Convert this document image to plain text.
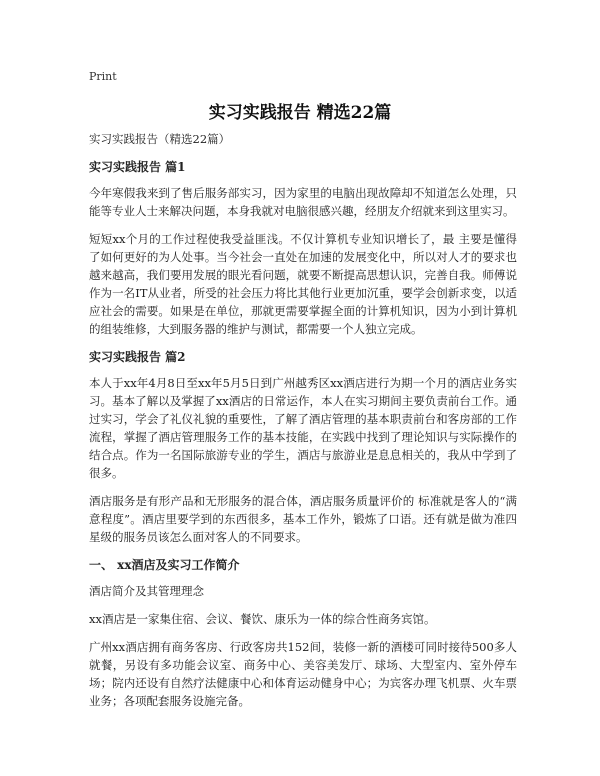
Print
实习实践报告 精选22篇

实习实践报告（精选22篇）

实习实践报告 篇1

今年寒假我来到了售后服务部实习，因为家里的电脑出现故障却不知道怎么处理，只能等专业人士来解决问题，本身我就对电脑很感兴趣，经朋友介绍就来到这里实习。

短短xx个月的工作过程使我受益匪浅。不仅计算机专业知识增长了，最 主要是懂得了如何更好的为人处事。当今社会一直处在加速的发展变化中，所以对人才的要求也越来越高，我们要用发展的眼光看问题，就要不断提高思想认识，完善自我。师傅说作为一名IT从业者，所受的社会压力将比其他行业更加沉重，要学会创新求变，以适应社会的需要。如果是在单位，那就更需要掌握全面的计算机知识，因为小到计算机的组装维修，大到服务器的维护与测试，都需要一个人独立完成。

实习实践报告 篇2

本人于xx年4月8日至xx年5月5日到广州越秀区xx酒店进行为期一个月的酒店业务实习。基本了解以及掌握了xx酒店的日常运作，本人在实习期间主要负责前台工作。通过实习，学会了礼仪礼貌的重要性，了解了酒店管理的基本职责前台和客房部的工作流程，掌握了酒店管理服务工作的基本技能，在实践中找到了理论知识与实际操作的结合点。作为一名国际旅游专业的学生，酒店与旅游业是息息相关的，我从中学到了很多。

酒店服务是有形产品和无形服务的混合体，酒店服务质量评价的 标准就是客人的“满意程度”。酒店里要学到的东西很多，基本工作外，锻炼了口语。还有就是做为准四星级的服务员该怎么面对客人的不同要求。

一、 xx酒店及实习工作简介

酒店简介及其管理理念

xx酒店是一家集住宿、会议、餐饮、康乐为一体的综合性商务宾馆。

广州xx酒店拥有商务客房、行政客房共152间，装修一新的酒楼可同时接待500多人就餐，另设有多功能会议室、商务中心、美容美发厅、球场、大型室内、室外停车场；院内还设有自然疗法健康中心和体育运动健身中心；为宾客办理飞机票、火车票业务；各项配套服务设施完备。
